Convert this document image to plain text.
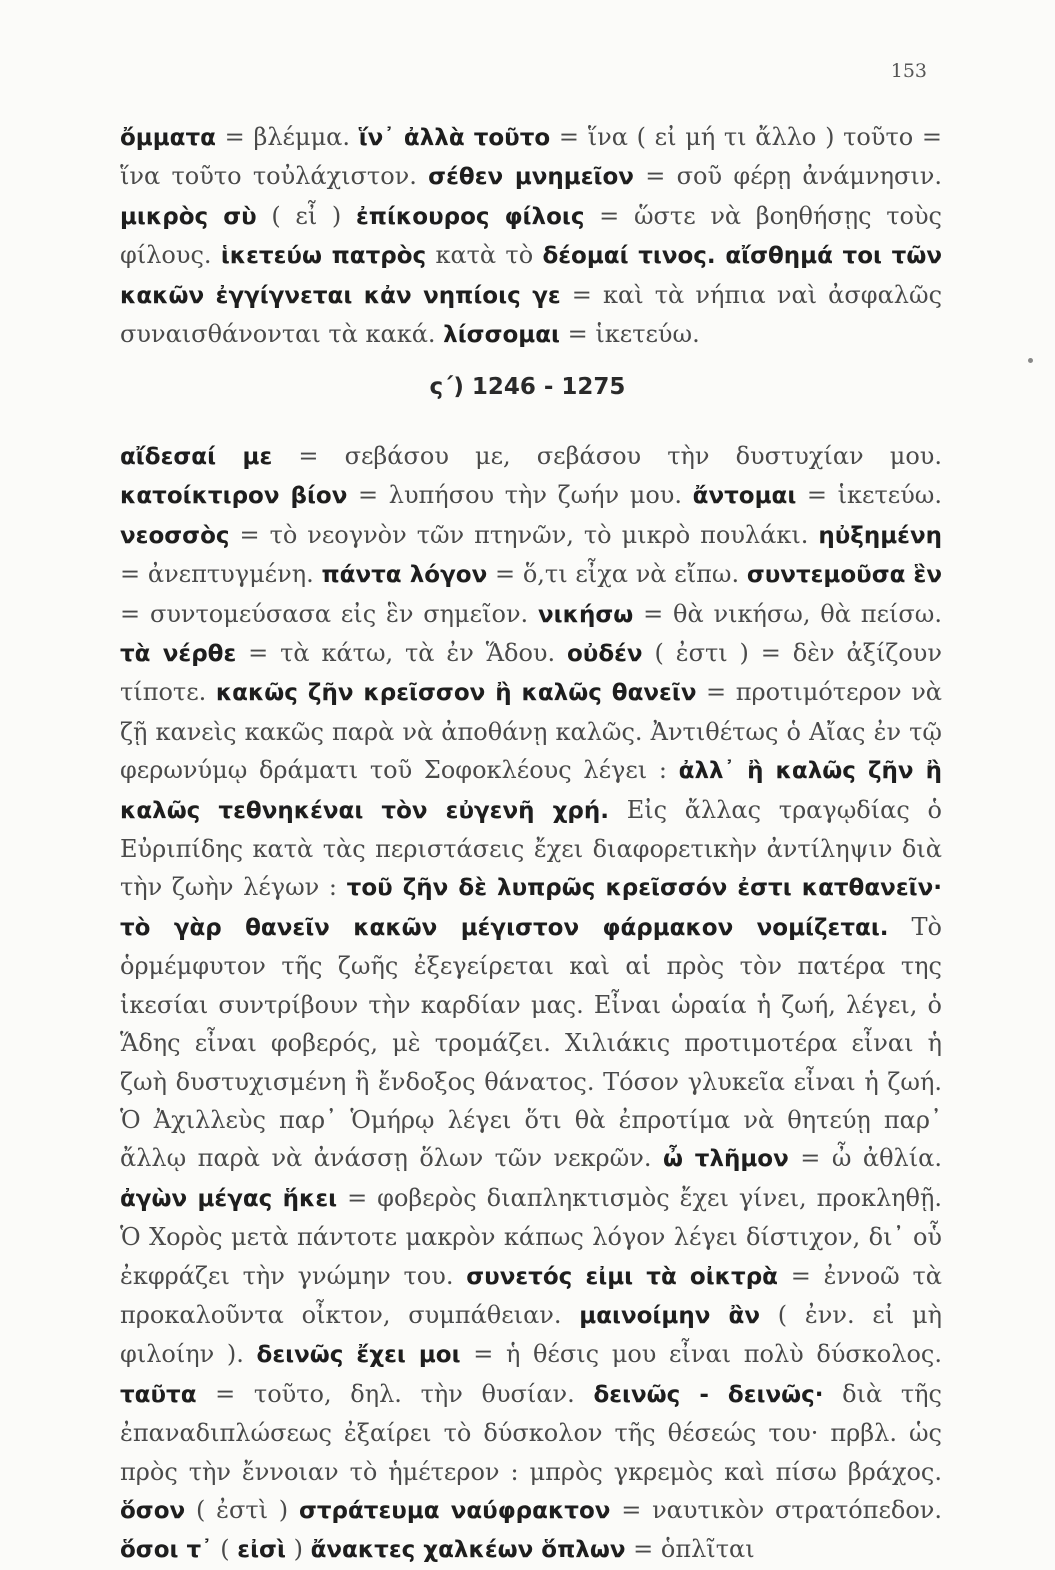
153

ὄμματα = βλέμμα. ἵν᾽ ἀλλὰ τοῦτο = ἵνα ( εἰ μή τι ἄλλο ) τοῦτο = ἵνα τοῦτο τοὐλάχιστον. σέθεν μνημεῖον = σοῦ φέρῃ ἀνάμνησιν. μικρὸς σὺ ( εἶ ) ἐπίκουρος φίλοις = ὥστε νὰ βοηθήσῃς τοὺς φίλους. ἱκετεύω πατρὸς κατὰ τὸ δέομαί τινος. αἴσθημά τοι τῶν κακῶν ἐγγίγνεται κἀν νηπίοις γε = καὶ τὰ νήπια ναὶ ἀσφαλῶς συναισθάνονται τὰ κακά. λίσσομαι = ἱκετεύω.

ς΄) 1246 - 1275

αἴδεσαί με = σεβάσου με, σεβάσου τὴν δυστυχίαν μου. κατοίκτιρον βίον = λυπήσου τὴν ζωήν μου. ἄντομαι = ἱκετεύω. νεοσσὸς = τὸ νεογνὸν τῶν πτηνῶν, τὸ μικρὸ πουλάκι. ηὐξημένη = ἀνεπτυγμένη. πάντα λόγον = ὅ,τι εἶχα νὰ εἴπω. συντεμοῦσα ἓν = συντομεύσασα εἰς ἓν σημεῖον. νικήσω = θὰ νικήσω, θὰ πείσω. τὰ νέρθε = τὰ κάτω, τὰ ἐν Ἅδου. οὐδέν ( ἐστι ) = δὲν ἀξίζουν τίποτε. κακῶς ζῆν κρεῖσσον ἢ καλῶς θανεῖν = προτιμότερον νὰ ζῇ κανεὶς κακῶς παρὰ νὰ ἀποθάνῃ καλῶς. Ἀντιθέτως ὁ Αἴας ἐν τῷ φερωνύμῳ δράματι τοῦ Σοφοκλέους λέγει : ἀλλ᾽ ἢ καλῶς ζῆν ἢ καλῶς τεθνηκέναι τὸν εὐγενῆ χρή. Εἰς ἄλλας τραγῳδίας ὁ Εὐριπίδης κατὰ τὰς περιστάσεις ἔχει διαφορετικὴν ἀντίληψιν διὰ τὴν ζωὴν λέγων : τοῦ ζῆν δὲ λυπρῶς κρεῖσσόν ἐστι κατθανεῖν· τὸ γὰρ θανεῖν κακῶν μέγιστον φάρμακον νομίζεται. Τὸ ὁρμέμφυτον τῆς ζωῆς ἐξεγείρεται καὶ αἱ πρὸς τὸν πατέρα της ἱκεσίαι συντρίβουν τὴν καρδίαν μας. Εἶναι ὡραία ἡ ζωή, λέγει, ὁ Ἅδης εἶναι φοβερός, μὲ τρομάζει. Χιλιάκις προτιμοτέρα εἶναι ἡ ζωὴ δυστυχισμένη ἢ ἔνδοξος θάνατος. Τόσον γλυκεῖα εἶναι ἡ ζωή. Ὁ Ἀχιλλεὺς παρ᾽ Ὁμήρῳ λέγει ὅτι θὰ ἐπροτίμα νὰ θητεύῃ παρ᾽ ἄλλῳ παρὰ νὰ ἀνάσσῃ ὅλων τῶν νεκρῶν. ὦ τλῆμον = ὦ ἀθλία. ἀγὼν μέγας ἥκει = φοβερὸς διαπληκτισμὸς ἔχει γίνει, προκληθῇ. Ὁ Χορὸς μετὰ πάντοτε μακρὸν κάπως λόγον λέγει δίστιχον, δι᾽ οὗ ἐκφράζει τὴν γνώμην του. συνετός εἰμι τὰ οἰκτρὰ = ἐννοῶ τὰ προκαλοῦντα οἶκτον, συμπάθειαν. μαινοίμην ἂν ( ἐνν. εἰ μὴ φιλοίην ). δεινῶς ἔχει μοι = ἡ θέσις μου εἶναι πολὺ δύσκολος. ταῦτα = τοῦτο, δηλ. τὴν θυσίαν. δεινῶς - δεινῶς· διὰ τῆς ἐπαναδιπλώσεως ἐξαίρει τὸ δύσκολον τῆς θέσεώς του· πρβλ. ὡς πρὸς τὴν ἔννοιαν τὸ ἡμέτερον : μπρὸς γκρεμὸς καὶ πίσω βράχος. ὅσον ( ἐστὶ ) στράτευμα ναύφρακτον = ναυτικὸν στρατόπεδον. ὅσοι τ᾽ ( εἰσὶ ) ἄνακτες χαλκέων ὅπλων = ὁπλῖται
